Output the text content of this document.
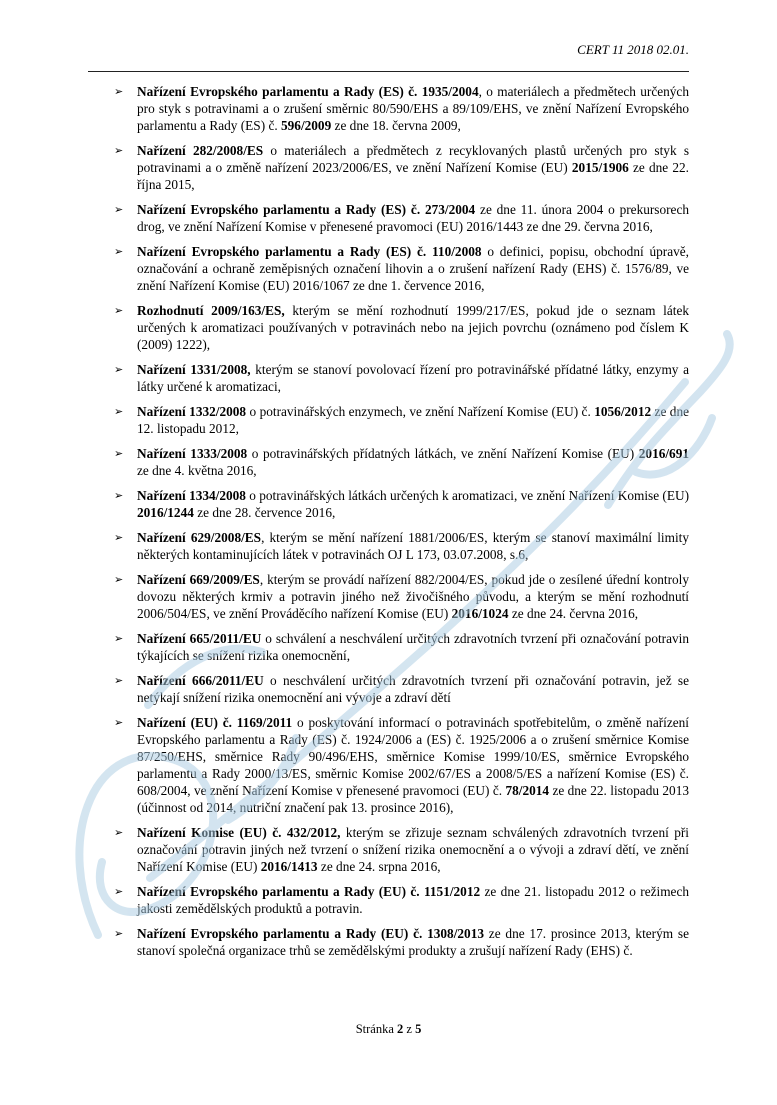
CERT 11 2018 02.01.
➢	Nařízení Evropského parlamentu a Rady (ES) č. 1935/2004, o materiálech a předmětech určených pro styk s potravinami a o zrušení směrnic 80/590/EHS a 89/109/EHS, ve znění Nařízení Evropského parlamentu a Rady (ES) č. 596/2009 ze dne 18. června 2009,
➢	Nařízení 282/2008/ES o materiálech a předmětech z recyklovaných plastů určených pro styk s potravinami a o změně nařízení 2023/2006/ES, ve znění Nařízení Komise (EU) 2015/1906 ze dne 22. října 2015,
➢	Nařízení Evropského parlamentu a Rady (ES) č. 273/2004 ze dne 11. února 2004 o prekursorech drog, ve znění Nařízení Komise v přenesené pravomoci (EU) 2016/1443 ze dne 29. června 2016,
➢	Nařízení Evropského parlamentu a Rady (ES) č. 110/2008 o definici, popisu, obchodní úpravě, označování a ochraně zeměpisných označení lihovin a o zrušení nařízení Rady (EHS) č. 1576/89, ve znění Nařízení Komise (EU) 2016/1067 ze dne 1. července 2016,
➢	Rozhodnutí 2009/163/ES, kterým se mění rozhodnutí 1999/217/ES, pokud jde o seznam látek určených k aromatizaci používaných v potravinách nebo na jejich povrchu (oznámeno pod číslem K (2009) 1222),
➢	Nařízení 1331/2008, kterým se stanoví povolovací řízení pro potravinářské přídatné látky, enzymy a látky určené k aromatizaci,
➢	Nařízení 1332/2008 o potravinářských enzymech, ve znění Nařízení Komise (EU) č. 1056/2012 ze dne 12. listopadu 2012,
➢	Nařízení 1333/2008 o potravinářských přídatných látkách, ve znění Nařízení Komise (EU) 2016/691 ze dne 4. května 2016,
➢	Nařízení 1334/2008 o potravinářských látkách určených k aromatizaci, ve znění Nařízení Komise (EU) 2016/1244 ze dne 28. července 2016,
➢	Nařízení 629/2008/ES, kterým se mění nařízení 1881/2006/ES, kterým se stanoví maximální limity některých kontaminujících látek v potravinách OJ L 173, 03.07.2008, s.6,
➢	Nařízení 669/2009/ES, kterým se provádí nařízení 882/2004/ES, pokud jde o zesílené úřední kontroly dovozu některých krmiv a potravin jiného než živočišného původu, a kterým se mění rozhodnutí 2006/504/ES, ve znění Prováděcího nařízení Komise (EU) 2016/1024 ze dne 24. června 2016,
➢	Nařízení 665/2011/EU o schválení a neschválení určitých zdravotních tvrzení při označování potravin týkajících se snížení rizika onemocnění,
➢	Nařízení 666/2011/EU o neschválení určitých zdravotních tvrzení při označování potravin, jež se netýkají snížení rizika onemocnění ani vývoje a zdraví dětí
➢	Nařízení (EU) č. 1169/2011 o poskytování informací o potravinách spotřebitelům, o změně nařízení Evropského parlamentu a Rady (ES) č. 1924/2006 a (ES) č. 1925/2006 a o zrušení směrnice Komise 87/250/EHS, směrnice Rady 90/496/EHS, směrnice Komise 1999/10/ES, směrnice Evropského parlamentu a Rady 2000/13/ES, směrnic Komise 2002/67/ES a 2008/5/ES a nařízení Komise (ES) č. 608/2004, ve znění Nařízení Komise v přenesené pravomoci (EU) č. 78/2014 ze dne 22. listopadu 2013 (účinnost od 2014, nutriční značení pak 13. prosince 2016),
➢	Nařízení Komise (EU) č. 432/2012, kterým se zřizuje seznam schválených zdravotních tvrzení při označování potravin jiných než tvrzení o snížení rizika onemocnění a o vývoji a zdraví dětí, ve znění Nařízení Komise (EU) 2016/1413 ze dne 24. srpna 2016,
➢	Nařízení Evropského parlamentu a Rady (EU) č. 1151/2012 ze dne 21. listopadu 2012 o režimech jakosti zemědělských produktů a potravin.
➢	Nařízení Evropského parlamentu a Rady (EU) č. 1308/2013 ze dne 17. prosince 2013, kterým se stanoví společná organizace trhů se zemědělskými produkty a zrušují nařízení Rady (EHS) č.
Stránka 2 z 5
